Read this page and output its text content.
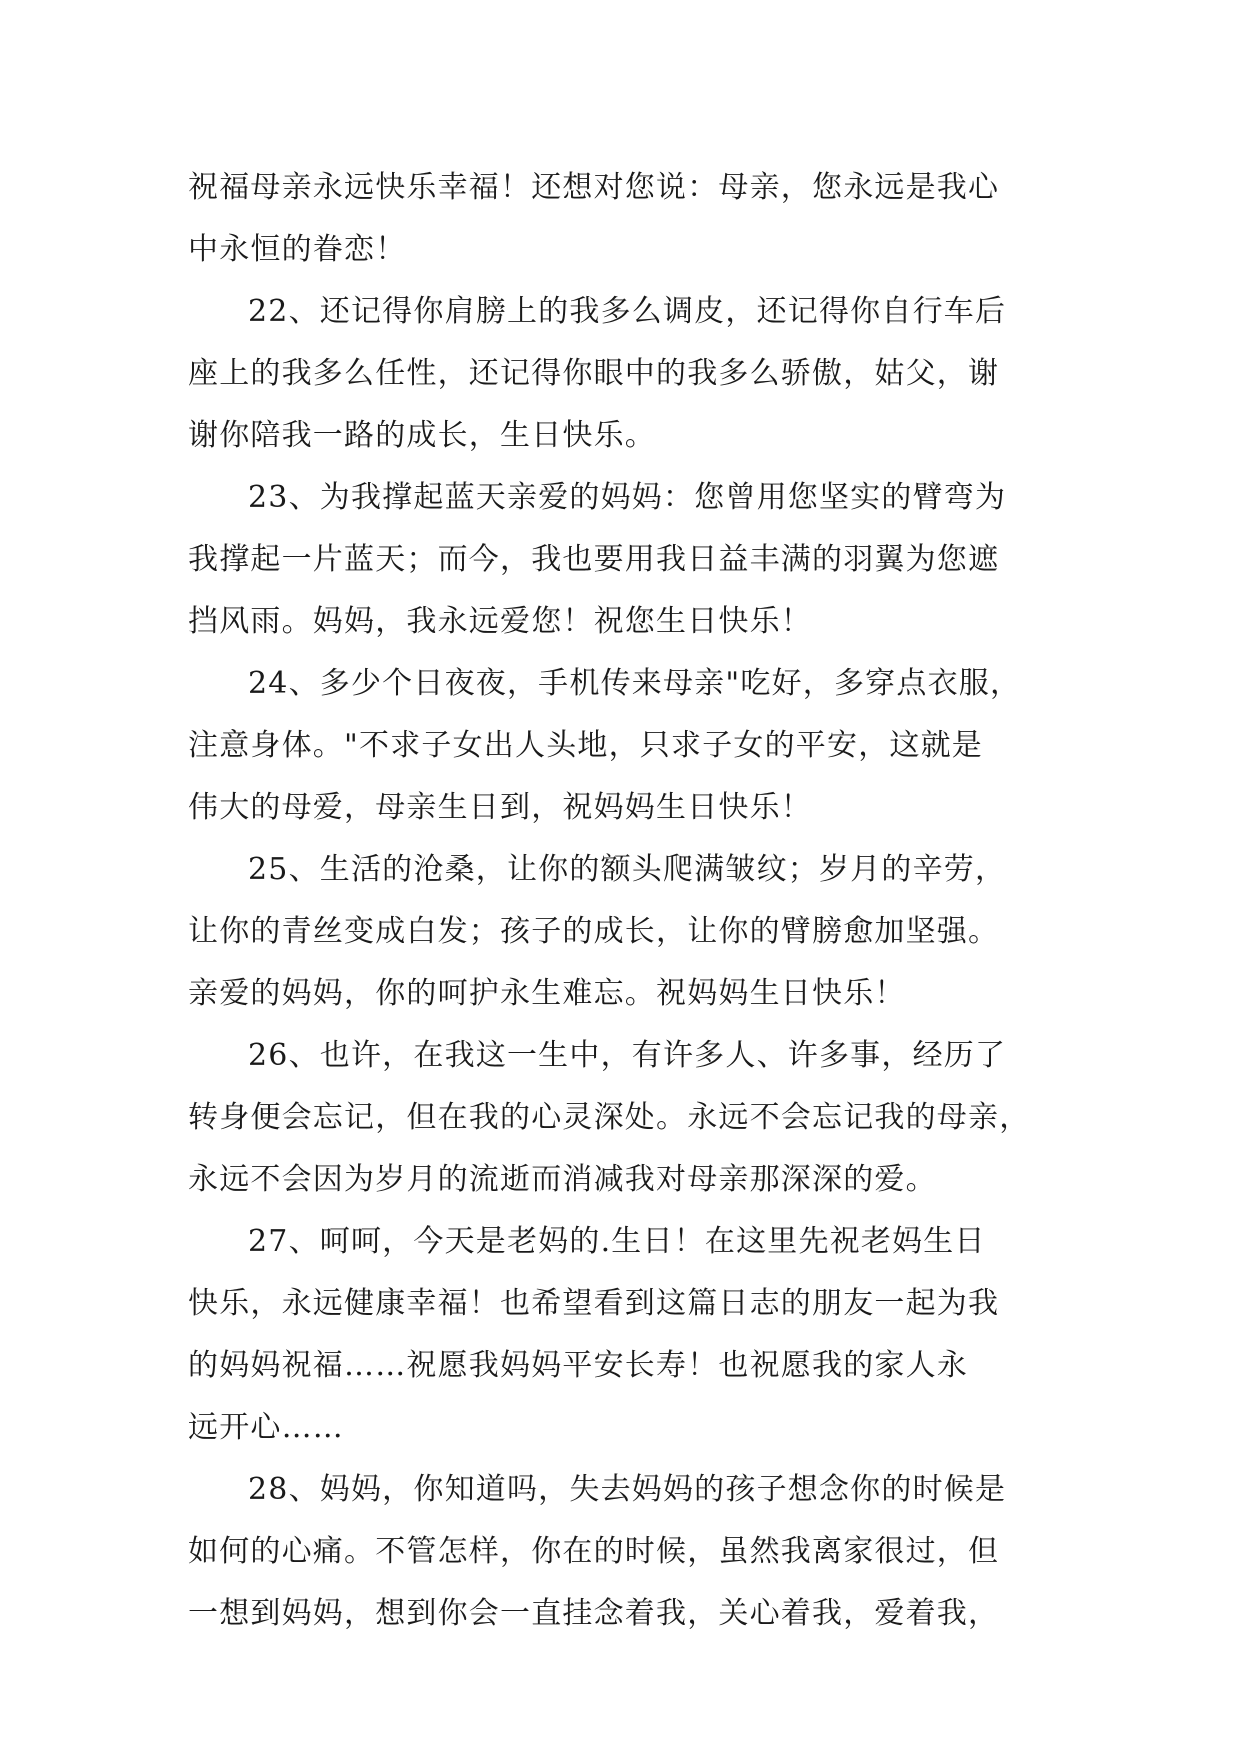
祝福母亲永远快乐幸福！还想对您说：母亲，您永远是我心
中永恒的眷恋！
22、还记得你肩膀上的我多么调皮，还记得你自行车后
座上的我多么任性，还记得你眼中的我多么骄傲，姑父，谢
谢你陪我一路的成长，生日快乐。
23、为我撑起蓝天亲爱的妈妈：您曾用您坚实的臂弯为
我撑起一片蓝天；而今，我也要用我日益丰满的羽翼为您遮
挡风雨。妈妈，我永远爱您！祝您生日快乐！
24、多少个日夜夜，手机传来母亲"吃好，多穿点衣服，
注意身体。"不求子女出人头地，只求子女的平安，这就是
伟大的母爱，母亲生日到，祝妈妈生日快乐！
25、生活的沧桑，让你的额头爬满皱纹；岁月的辛劳，
让你的青丝变成白发；孩子的成长，让你的臂膀愈加坚强。
亲爱的妈妈，你的呵护永生难忘。祝妈妈生日快乐！
26、也许，在我这一生中，有许多人、许多事，经历了
转身便会忘记，但在我的心灵深处。永远不会忘记我的母亲，
永远不会因为岁月的流逝而消减我对母亲那深深的爱。
27、呵呵，今天是老妈的.生日！在这里先祝老妈生日
快乐，永远健康幸福！也希望看到这篇日志的朋友一起为我
的妈妈祝福……祝愿我妈妈平安长寿！也祝愿我的家人永
远开心……
28、妈妈，你知道吗，失去妈妈的孩子想念你的时候是
如何的心痛。不管怎样，你在的时候，虽然我离家很过，但
一想到妈妈，想到你会一直挂念着我，关心着我，爱着我，
